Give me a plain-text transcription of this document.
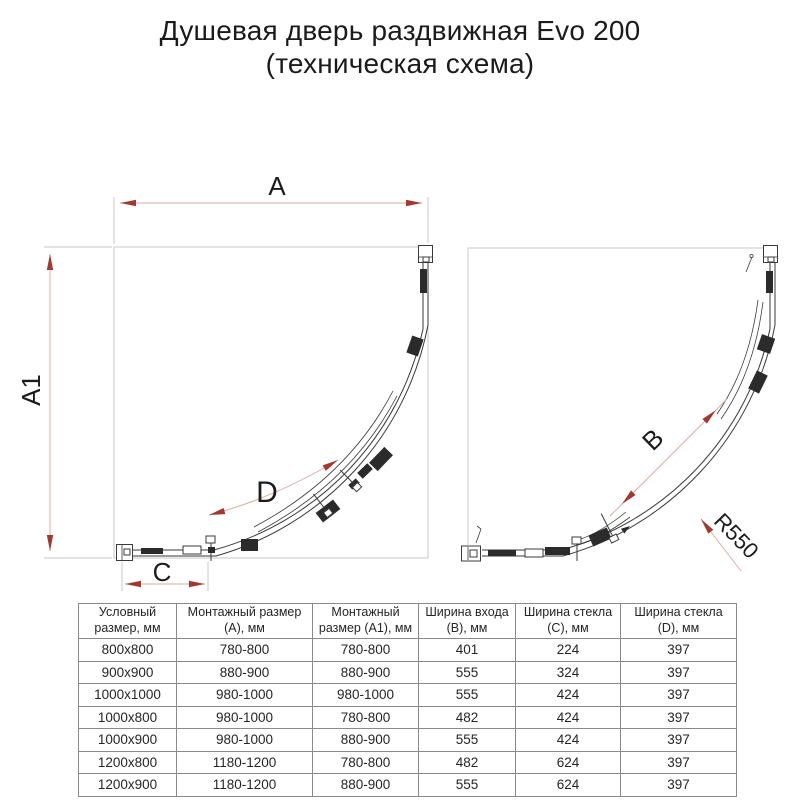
Душевая дверь раздвижная Evo 200
(техническая схема)
A
A1
C
D
B
R550
Условный размер, мм	Монтажный размер (A), мм	Монтажный размер (A1), мм	Ширина входа (B), мм	Ширина стекла (C), мм	Ширина стекла (D), мм
800x800	780-800	780-800	401	224	397
900x900	880-900	880-900	555	324	397
1000x1000	980-1000	980-1000	555	424	397
1000x800	980-1000	780-800	482	424	397
1000x900	980-1000	880-900	555	424	397
1200x800	1180-1200	780-800	482	624	397
1200x900	1180-1200	880-900	555	624	397
